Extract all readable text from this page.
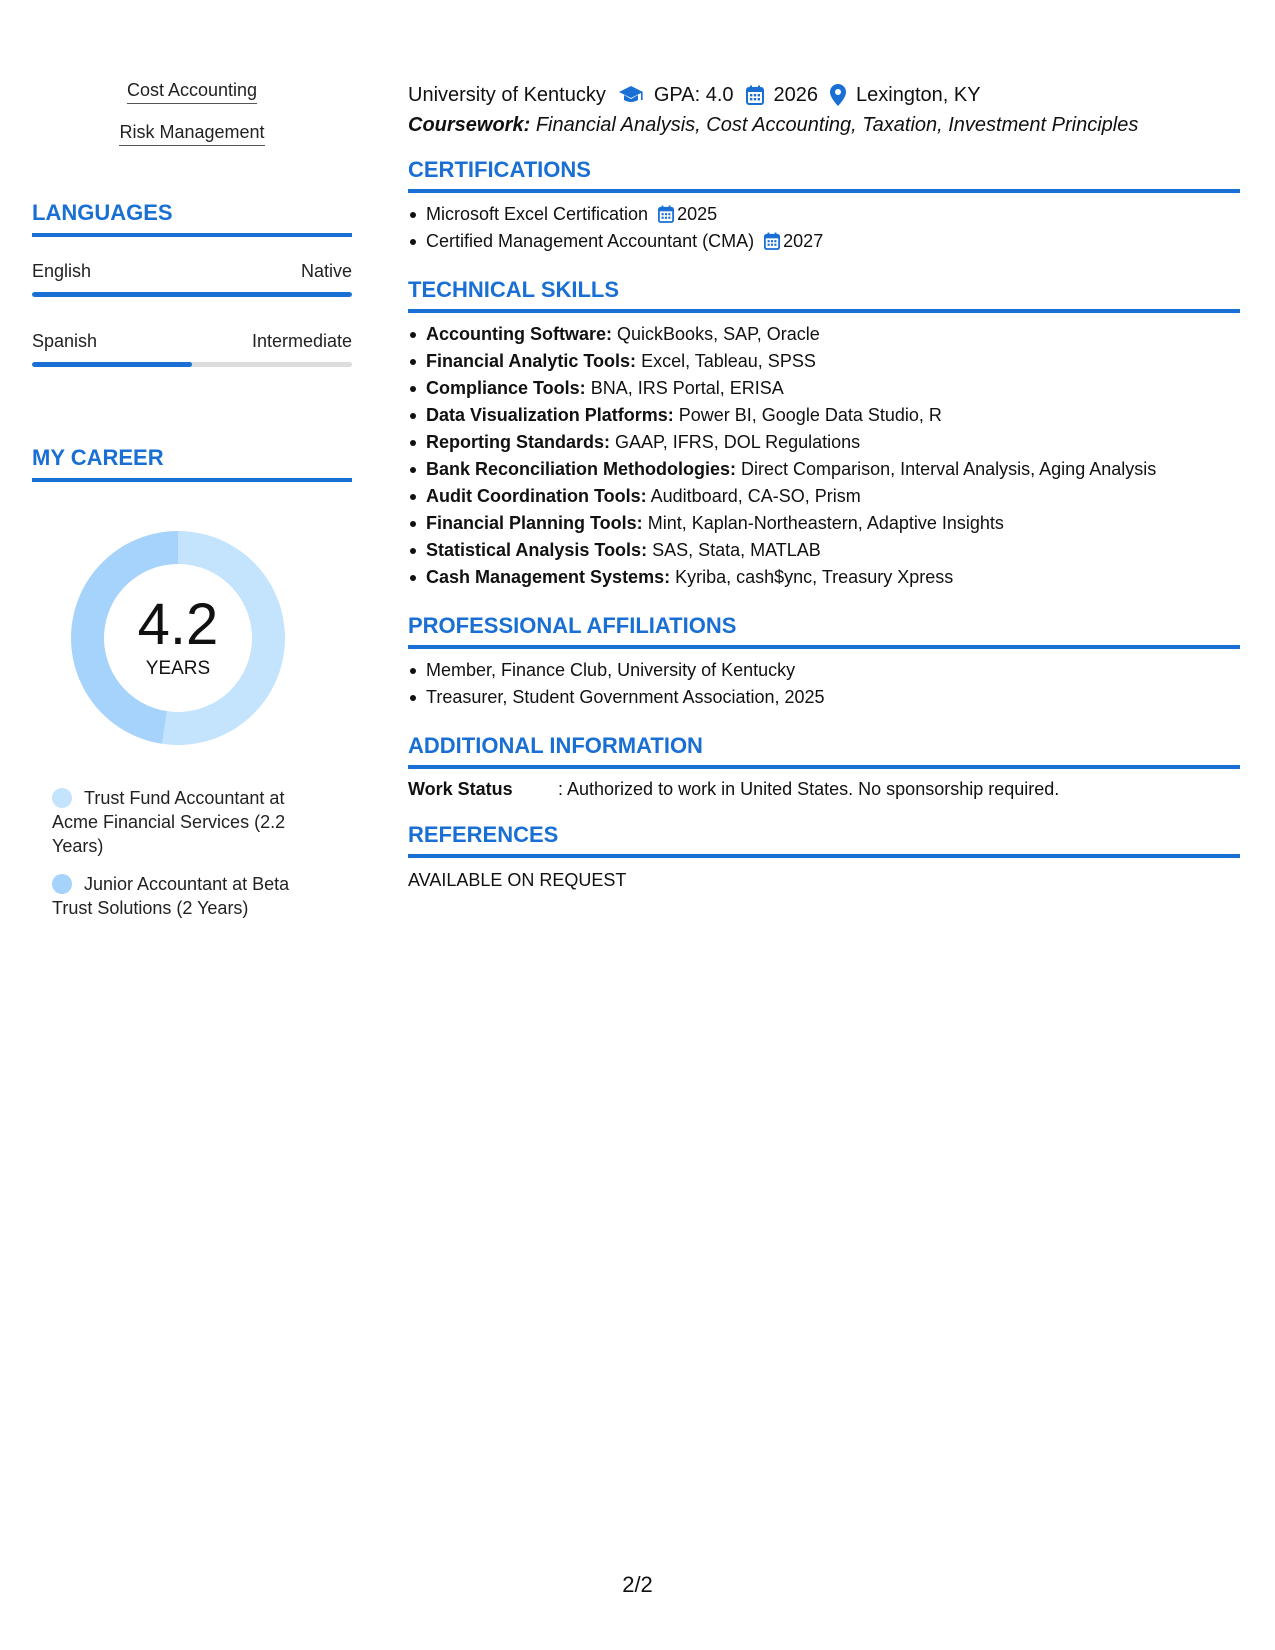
Cost Accounting
Risk Management
LANGUAGES
English	Native
Spanish	Intermediate
MY CAREER
4.2
YEARS
Trust Fund Accountant at Acme Financial Services (2.2 Years)
Junior Accountant at Beta Trust Solutions (2 Years)
University of Kentucky GPA: 4.0 2026 Lexington, KY
Coursework: Financial Analysis, Cost Accounting, Taxation, Investment Principles
CERTIFICATIONS
Microsoft Excel Certification 2025
Certified Management Accountant (CMA) 2027
TECHNICAL SKILLS
Accounting Software: QuickBooks, SAP, Oracle
Financial Analytic Tools: Excel, Tableau, SPSS
Compliance Tools: BNA, IRS Portal, ERISA
Data Visualization Platforms: Power BI, Google Data Studio, R
Reporting Standards: GAAP, IFRS, DOL Regulations
Bank Reconciliation Methodologies: Direct Comparison, Interval Analysis, Aging Analysis
Audit Coordination Tools: Auditboard, CA-SO, Prism
Financial Planning Tools: Mint, Kaplan-Northeastern, Adaptive Insights
Statistical Analysis Tools: SAS, Stata, MATLAB
Cash Management Systems: Kyriba, cash$ync, Treasury Xpress
PROFESSIONAL AFFILIATIONS
Member, Finance Club, University of Kentucky
Treasurer, Student Government Association, 2025
ADDITIONAL INFORMATION
Work Status	: Authorized to work in United States. No sponsorship required.
REFERENCES
AVAILABLE ON REQUEST
2/2
